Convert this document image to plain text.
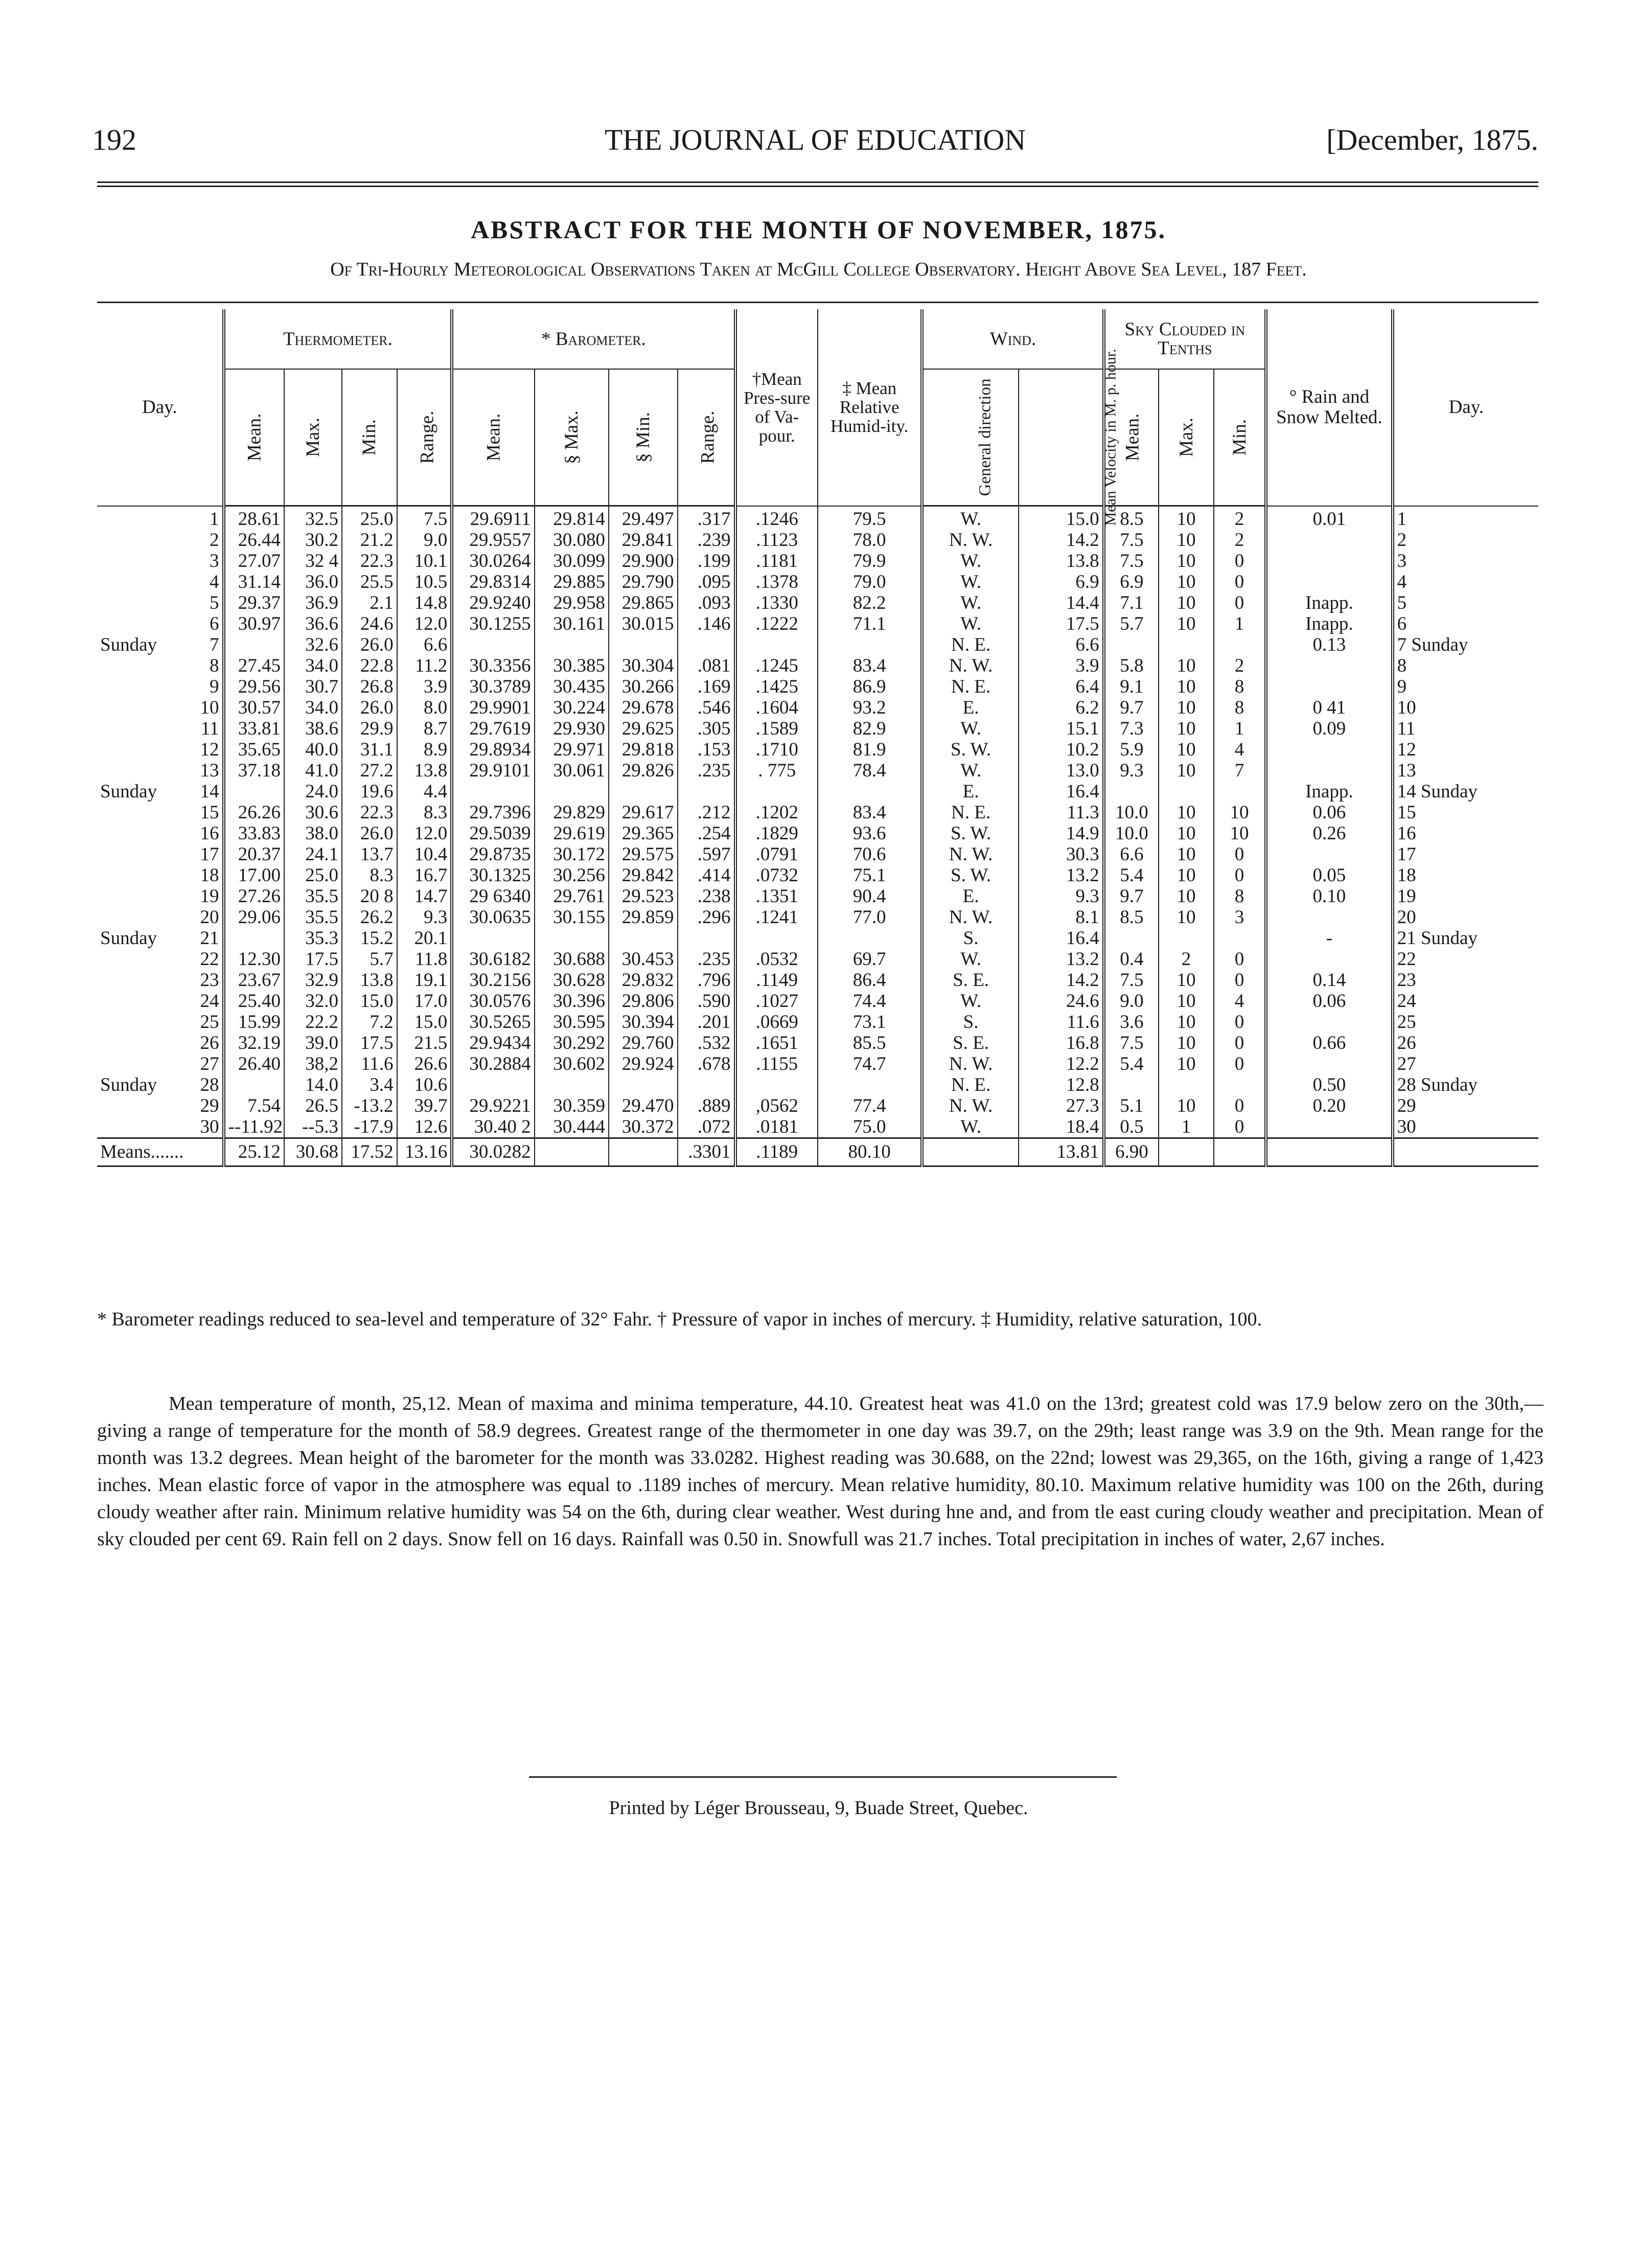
192	THE JOURNAL OF EDUCATION	[December, 1875.
ABSTRACT FOR THE MONTH OF NOVEMBER, 1875.
Of Tri-Hourly Meteorological Observations Taken at McGill College Observatory. Height Above Sea Level, 187 Feet.
Day.	Thermometer.				* Barometer.				†Mean Pres-sure of Va-pour.	‡ Mean Relative Humid-ity.	Wind.		Sky Clouded in Tenths			° Rain and Snow Melted.	Day.
	Mean.	Max.	Min.	Range.	Mean.	§ Max.	§ Min.	Range.			General direction	Mean Velocity in M. p. hour.	Mean.	Max.	Min.		

1	28.61	32.5	25.0	7.5	29.6911	29.814	29.497	.317	.1246	79.5	W.	15.0	8.5	10	2	0.01	1

2	26.44	30.2	21.2	9.0	29.9557	30.080	29.841	.239	.1123	78.0	N. W.	14.2	7.5	10	2		2

3	27.07	32 4	22.3	10.1	30.0264	30.099	29.900	.199	.1181	79.9	W.	13.8	7.5	10	0		3

4	31.14	36.0	25.5	10.5	29.8314	29.885	29.790	.095	.1378	79.0	W.	6.9	6.9	10	0		4

5	29.37	36.9	2.1	14.8	29.9240	29.958	29.865	.093	.1330	82.2	W.	14.4	7.1	10	0	Inapp.	5

6	30.97	36.6	24.6	12.0	30.1255	30.161	30.015	.146	.1222	71.1	W.	17.5	5.7	10	1	Inapp.	6
Sunday 7		32.6	26.0	6.6							N. E.	6.6				0.13	7 Sunday

8	27.45	34.0	22.8	11.2	30.3356	30.385	30.304	.081	.1245	83.4	N. W.	3.9	5.8	10	2		8

9	29.56	30.7	26.8	3.9	30.3789	30.435	30.266	.169	.1425	86.9	N. E.	6.4	9.1	10	8		9

10	30.57	34.0	26.0	8.0	29.9901	30.224	29.678	.546	.1604	93.2	E.	6.2	9.7	10	8	0 41	10

11	33.81	38.6	29.9	8.7	29.7619	29.930	29.625	.305	.1589	82.9	W.	15.1	7.3	10	1	0.09	11

12	35.65	40.0	31.1	8.9	29.8934	29.971	29.818	.153	.1710	81.9	S. W.	10.2	5.9	10	4		12

13	37.18	41.0	27.2	13.8	29.9101	30.061	29.826	.235	. 775	78.4	W.	13.0	9.3	10	7		13
Sunday 14		24.0	19.6	4.4							E.	16.4				Inapp.	14 Sunday

15	26.26	30.6	22.3	8.3	29.7396	29.829	29.617	.212	.1202	83.4	N. E.	11.3	10.0	10	10	0.06	15

16	33.83	38.0	26.0	12.0	29.5039	29.619	29.365	.254	.1829	93.6	S. W.	14.9	10.0	10	10	0.26	16

17	20.37	24.1	13.7	10.4	29.8735	30.172	29.575	.597	.0791	70.6	N. W.	30.3	6.6	10	0		17

18	17.00	25.0	8.3	16.7	30.1325	30.256	29.842	.414	.0732	75.1	S. W.	13.2	5.4	10	0	0.05	18

19	27.26	35.5	20 8	14.7	29 6340	29.761	29.523	.238	.1351	90.4	E.	9.3	9.7	10	8	0.10	19

20	29.06	35.5	26.2	9.3	30.0635	30.155	29.859	.296	.1241	77.0	N. W.	8.1	8.5	10	3		20
Sunday 21		35.3	15.2	20.1							S.	16.4				-	21 Sunday

22	12.30	17.5	5.7	11.8	30.6182	30.688	30.453	.235	.0532	69.7	W.	13.2	0.4	2	0		22

23	23.67	32.9	13.8	19.1	30.2156	30.628	29.832	.796	.1149	86.4	S. E.	14.2	7.5	10	0	0.14	23

24	25.40	32.0	15.0	17.0	30.0576	30.396	29.806	.590	.1027	74.4	W.	24.6	9.0	10	4	0.06	24

25	15.99	22.2	7.2	15.0	30.5265	30.595	30.394	.201	.0669	73.1	S.	11.6	3.6	10	0		25

26	32.19	39.0	17.5	21.5	29.9434	30.292	29.760	.532	.1651	85.5	S. E.	16.8	7.5	10	0	0.66	26

27	26.40	38,2	11.6	26.6	30.2884	30.602	29.924	.678	.1155	74.7	N. W.	12.2	5.4	10	0		27
Sunday 28		14.0	3.4	10.6							N. E.	12.8				0.50	28 Sunday

29	7.54	26.5	-13.2	39.7	29.9221	30.359	29.470	.889	,0562	77.4	N. W.	27.3	5.1	10	0	0.20	29

30	--11.92	--5.3	-17.9	12.6	30.40 2	30.444	30.372	.072	.0181	75.0	W.	18.4	0.5	1	0		30
Means.......	25.12	30.68	17.52	13.16	30.0282			.3301	.1189	80.10		13.81	6.90				
* Barometer readings reduced to sea-level and temperature of 32° Fahr. † Pressure of vapor in inches of mercury. ‡ Humidity, relative saturation, 100.
Mean temperature of month, 25,12. Mean of maxima and minima temperature, 44.10. Greatest heat was 41.0 on the 13rd; greatest cold was 17.9 below zero on the 30th,—giving a range of temperature for the month of 58.9 degrees. Greatest range of the thermometer in one day was 39.7, on the 29th; least range was 3.9 on the 9th. Mean range for the month was 13.2 degrees. Mean height of the barometer for the month was 33.0282. Highest reading was 30.688, on the 22nd; lowest was 29,365, on the 16th, giving a range of 1,423 inches. Mean elastic force of vapor in the atmosphere was equal to .1189 inches of mercury. Mean relative humidity, 80.10. Maximum relative humidity was 100 on the 26th, during cloudy weather after rain. Minimum relative humidity was 54 on the 6th, during clear weather. West during hne and, and from tle east curing cloudy weather and precipitation. Mean of sky clouded per cent 69. Rain fell on 2 days. Snow fell on 16 days. Rainfall was 0.50 in. Snowfull was 21.7 inches. Total precipitation in inches of water, 2,67 inches.
Printed by Léger Brousseau, 9, Buade Street, Quebec.
